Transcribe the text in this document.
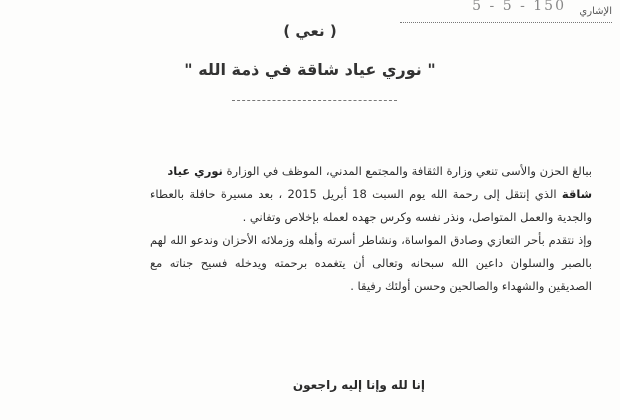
الإشاري
150 - 5 - 5
( نعي )
" نوري عياد شاقة في ذمة الله "

ببالغ الحزن والأسى تنعي وزارة الثقافة والمجتمع المدني، الموظف في الوزارة نوري عياد
شاقة الذي إنتقل إلى رحمة الله يوم السبت 18 أبريل 2015 ، بعد مسيرة حافلة بالعطاء والجدية والعمل المتواصل، ونذر نفسه وكرس جهده لعمله بإخلاص وتفاني .

وإذ نتقدم بأحر التعازي وصادق المواساة، ونشاطر أسرته وأهله وزملائه الأحزان وندعو الله لهم بالصبر والسلوان داعين الله سبحانه وتعالى أن يتغمده برحمته ويدخله فسيح جناته مع الصديقين والشهداء والصالحين وحسن أولئك رفيقا .

إنا لله وإنا إليه راجعون
